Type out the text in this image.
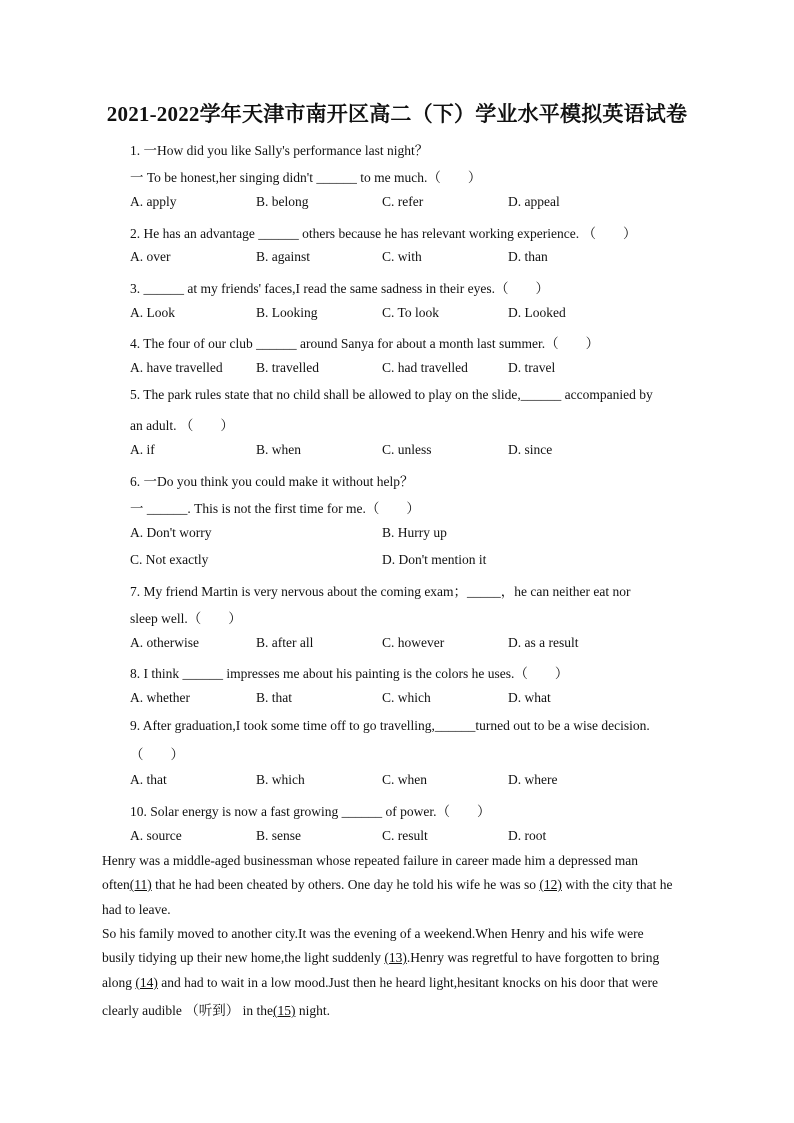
2021-2022学年天津市南开区高二（下）学业水平模拟英语试卷
1. 一How did you like Sally's performance last night？
一 To be honest,her singing didn't ______ to me much.（　　）
A. apply	B. belong	C. refer	D. appeal
2. He has an advantage ______ others because he has relevant working experience. （　　）
A. over	B. against	C. with	D. than
3. ______ at my friends' faces,I read the same sadness in their eyes.（　　）
A. Look	B. Looking	C. To look	D. Looked
4. The four of our club ______ around Sanya for about a month last summer.（　　）
A. have travelled B. travelled	C. had travelled	D. travel
5. The park rules state that no child shall be allowed to play on the slide,______ accompanied by
an adult. （　　）
A. if	B. when	C. unless	D. since
6. 一Do you think you could make it without help？
一 ______. This is not the first time for me.（　　）
A. Don't worry	B. Hurry up
C. Not exactly	D. Don't mention it
7. My friend Martin is very nervous about the coming exam；_____，he can neither eat nor
sleep well.（　　）
A. otherwise	B. after all	C. however	D. as a result
8. I think ______ impresses me about his painting is the colors he uses.（　　）
A. whether	B. that	C. which	D. what
9. After graduation,I took some time off to go travelling,______turned out to be a wise decision.
（　　）
A. that	B. which	C. when	D. where
10. Solar energy is now a fast growing ______ of power.（　　）
A. source	B. sense	C. result	D. root
Henry was a middle-aged businessman whose repeated failure in career made him a depressed man
often(11) that he had been cheated by others. One day he told his wife he was so (12) with the city that he
had to leave.
So his family moved to another city.It was the evening of a weekend.When Henry and his wife were
busily tidying up their new home,the light suddenly (13).Henry was regretful to have forgotten to bring
along (14) and had to wait in a low mood.Just then he heard light,hesitant knocks on his door that were
clearly audible （听到） in the(15) night.
